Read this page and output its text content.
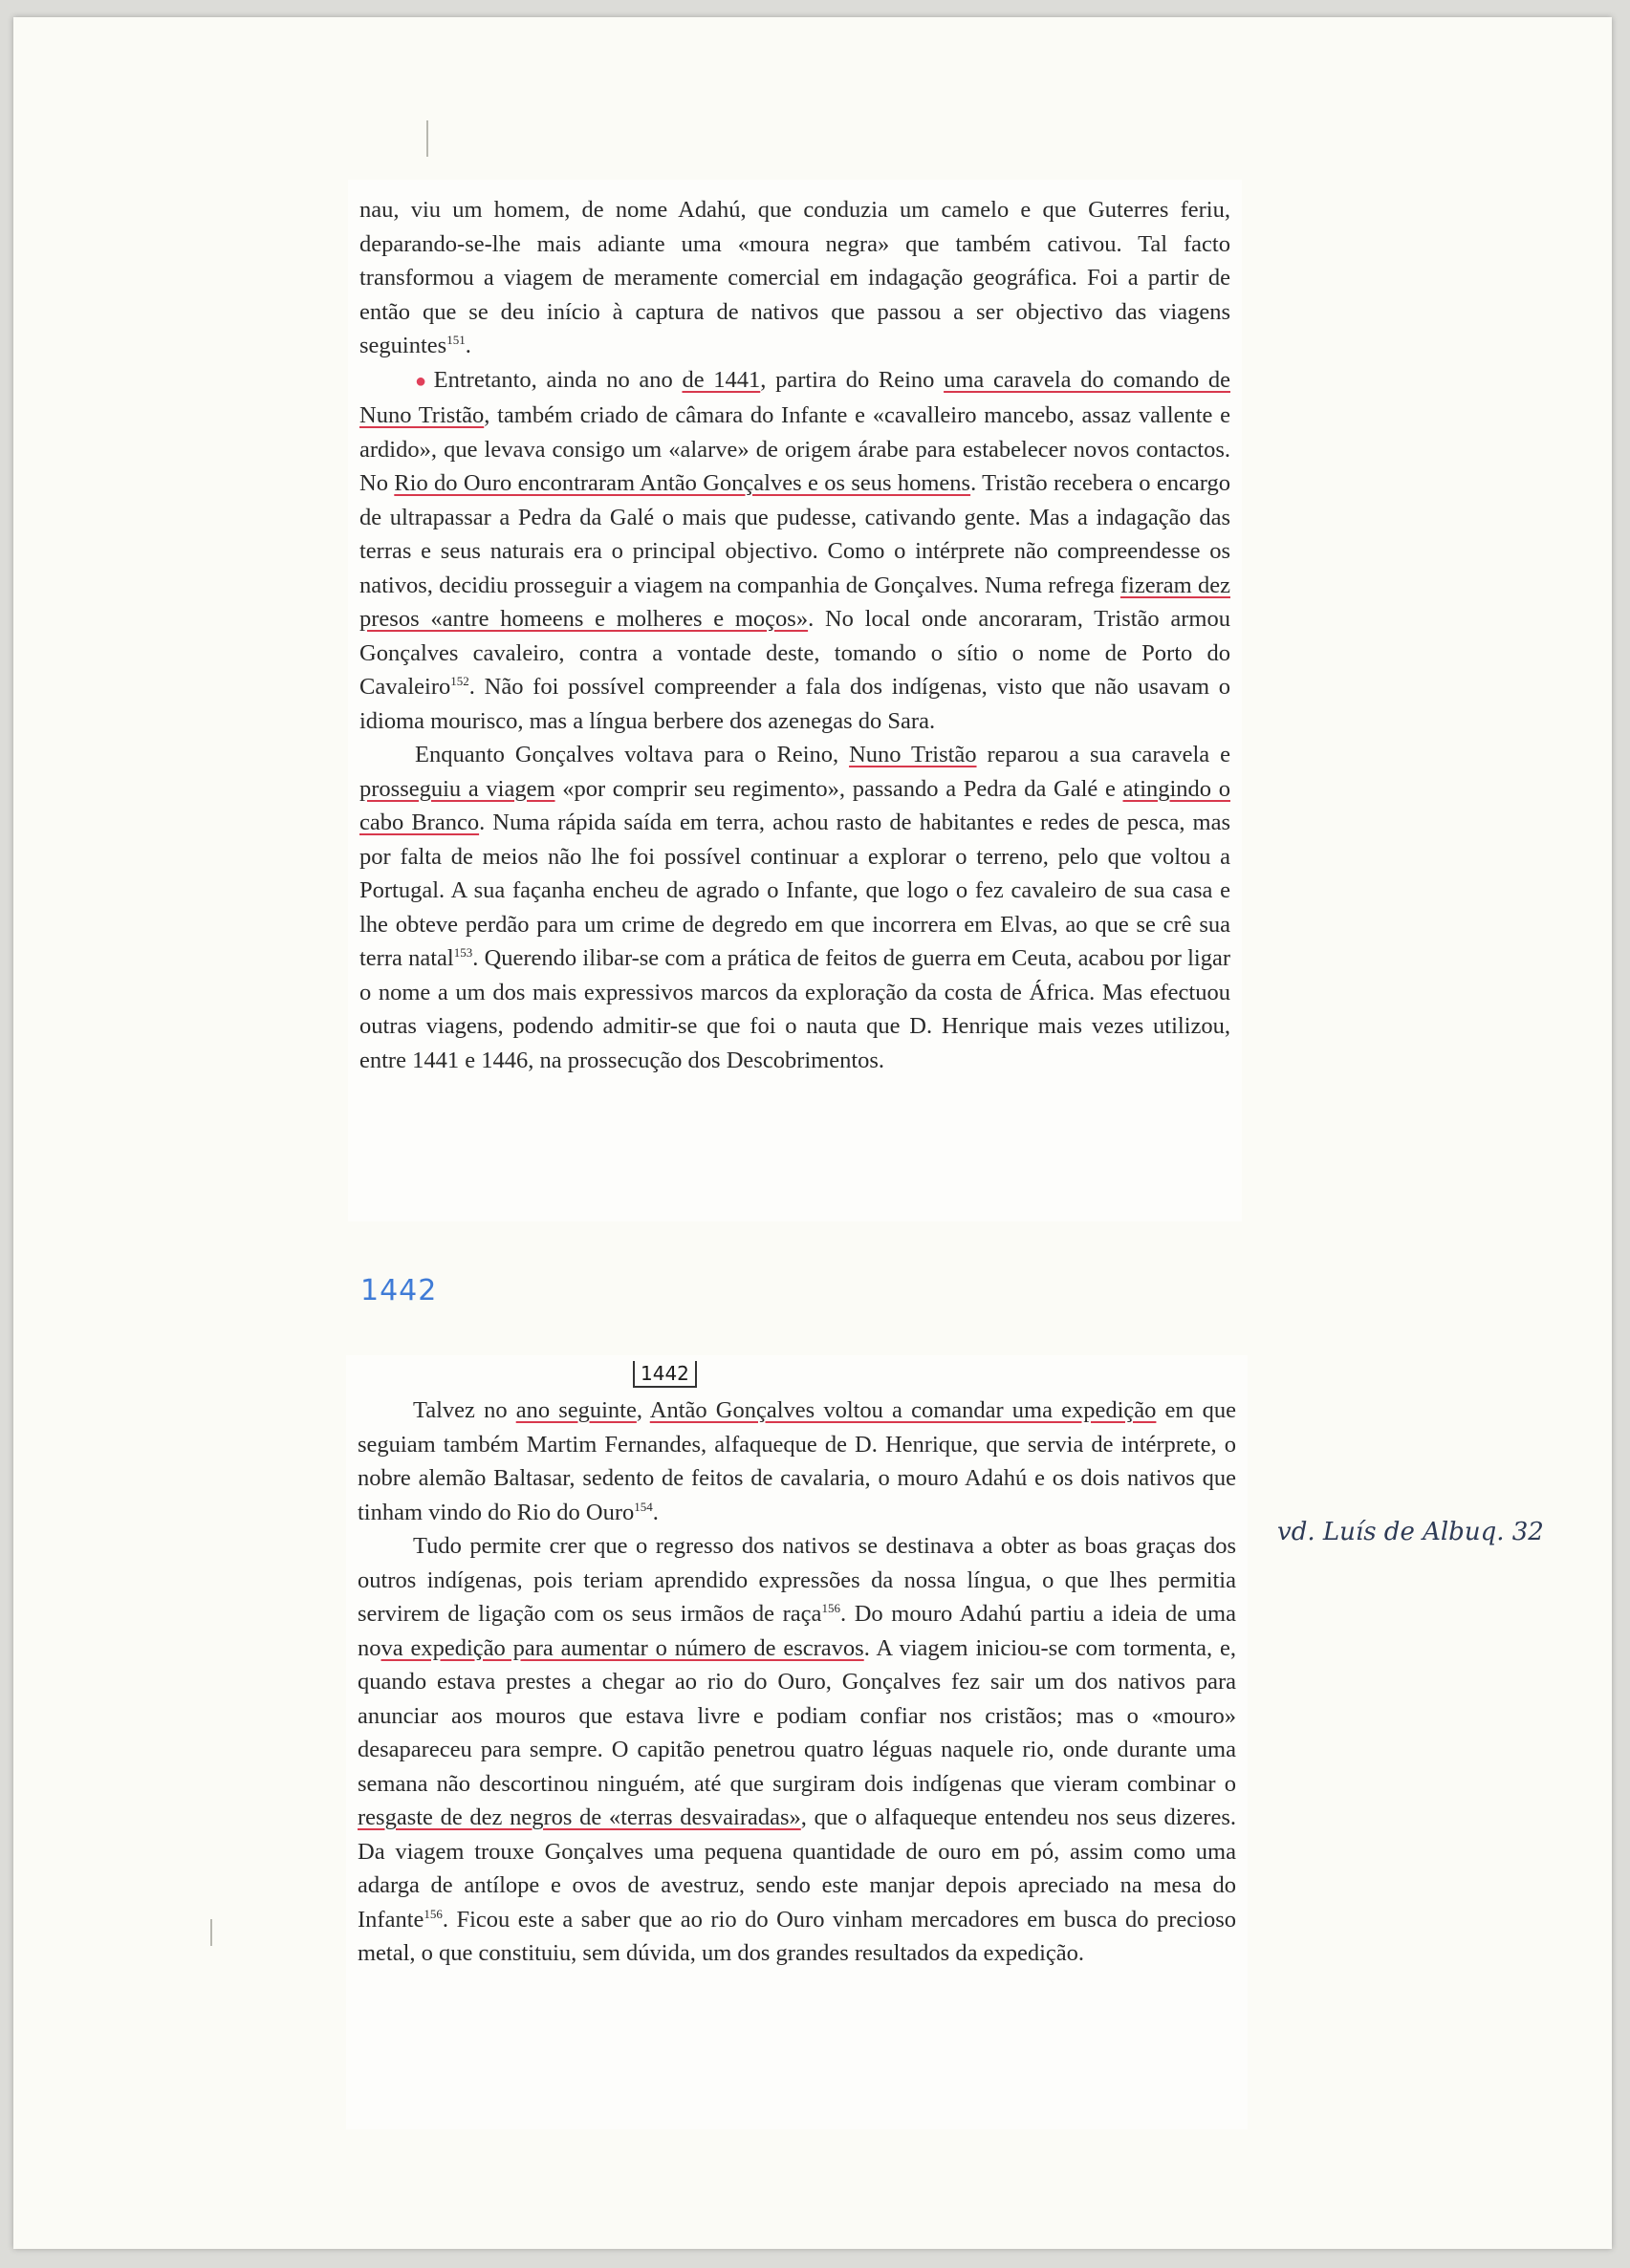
nau, viu um homem, de nome Adahú, que conduzia um camelo e que Guterres feriu, deparando-se-lhe mais adiante uma «moura negra» que também cativou. Tal facto transformou a viagem de meramente comercial em indagação geográfica. Foi a partir de então que se deu início à captura de nativos que passou a ser objectivo das viagens seguintes$^{151}$.

● Entretanto, ainda no ano de 1441, partira do Reino uma caravela do comando de Nuno Tristão, também criado de câmara do Infante e «cavalleiro mancebo, assaz vallente e ardido», que levava consigo um «alarve» de origem árabe para estabelecer novos contactos. No Rio do Ouro encontraram Antão Gonçalves e os seus homens. Tristão recebera o encargo de ultrapassar a Pedra da Galé o mais que pudesse, cativando gente. Mas a indagação das terras e seus naturais era o principal objectivo. Como o intérprete não compreendesse os nativos, decidiu prosseguir a viagem na companhia de Gonçalves. Numa refrega fizeram dez presos «antre homeens e molheres e moços». No local onde ancoraram, Tristão armou Gonçalves cavaleiro, contra a vontade deste, tomando o sítio o nome de Porto do Cavaleiro$^{152}$. Não foi possível compreender a fala dos indígenas, visto que não usavam o idioma mourisco, mas a língua berbere dos azenegas do Sara.

Enquanto Gonçalves voltava para o Reino, Nuno Tristão reparou a sua caravela e prosseguiu a viagem «por comprir seu regimento», passando a Pedra da Galé e atingindo o cabo Branco. Numa rápida saída em terra, achou rasto de habitantes e redes de pesca, mas por falta de meios não lhe foi possível continuar a explorar o terreno, pelo que voltou a Portugal. A sua façanha encheu de agrado o Infante, que logo o fez cavaleiro de sua casa e lhe obteve perdão para um crime de degredo em que incorrera em Elvas, ao que se crê sua terra natal$^{153}$. Querendo ilibar-se com a prática de feitos de guerra em Ceuta, acabou por ligar o nome a um dos mais expressivos marcos da exploração da costa de África. Mas efectuou outras viagens, podendo admitir-se que foi o nauta que D. Henrique mais vezes utilizou, entre 1441 e 1446, na prossecução dos Descobrimentos.

1442
1442

Talvez no ano seguinte, Antão Gonçalves voltou a comandar uma expedição em que seguiam também Martim Fernandes, alfaqueque de D. Henrique, que servia de intérprete, o nobre alemão Baltasar, sedento de feitos de cavalaria, o mouro Adahú e os dois nativos que tinham vindo do Rio do Ouro$^{154}$.

Tudo permite crer que o regresso dos nativos se destinava a obter as boas graças dos outros indígenas, pois teriam aprendido expressões da nossa língua, o que lhes permitia servirem de ligação com os seus irmãos de raça$^{156}$. Do mouro Adahú partiu a ideia de uma nova expedição para aumentar o número de escravos. A viagem iniciou-se com tormenta, e, quando estava prestes a chegar ao rio do Ouro, Gonçalves fez sair um dos nativos para anunciar aos mouros que estava livre e podiam confiar nos cristãos; mas o «mouro» desapareceu para sempre. O capitão penetrou quatro léguas naquele rio, onde durante uma semana não descortinou ninguém, até que surgiram dois indígenas que vieram combinar o resgaste de dez negros de «terras desvairadas», que o alfaqueque entendeu nos seus dizeres. Da viagem trouxe Gonçalves uma pequena quantidade de ouro em pó, assim como uma adarga de antílope e ovos de avestruz, sendo este manjar depois apreciado na mesa do Infante$^{156}$. Ficou este a saber que ao rio do Ouro vinham mercadores em busca do precioso metal, o que constituiu, sem dúvida, um dos grandes resultados da expedição.

vd. Luís de Albuq. 32
